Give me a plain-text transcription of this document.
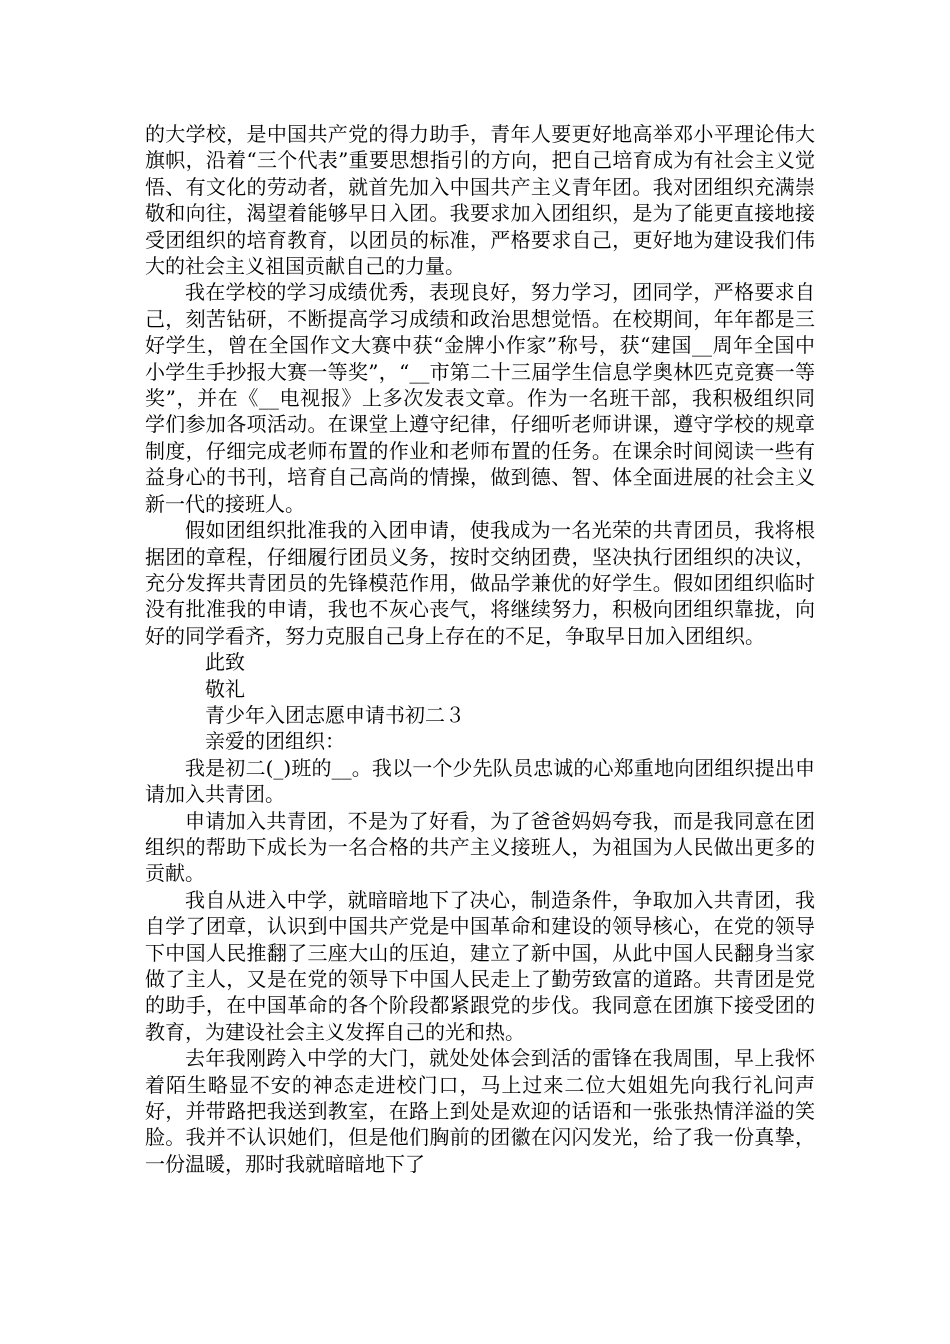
的大学校，是中国共产党的得力助手，青年人要更好地高举邓小平理论伟大旗帜，沿着“三个代表”重要思想指引的方向，把自己培育成为有社会主义觉悟、有文化的劳动者，就首先加入中国共产主义青年团。我对团组织充满崇敬和向往，渴望着能够早日入团。我要求加入团组织，是为了能更直接地接受团组织的培育教育，以团员的标准，严格要求自己，更好地为建设我们伟大的社会主义祖国贡献自己的力量。

我在学校的学习成绩优秀，表现良好，努力学习，团同学，严格要求自己，刻苦钻研，不断提高学习成绩和政治思想觉悟。在校期间，年年都是三好学生，曾在全国作文大赛中获“金牌小作家”称号，获“建国__周年全国中小学生手抄报大赛一等奖”，“__市第二十三届学生信息学奥林匹克竞赛一等奖”，并在《__电视报》上多次发表文章。作为一名班干部，我积极组织同学们参加各项活动。在课堂上遵守纪律，仔细听老师讲课，遵守学校的规章制度，仔细完成老师布置的作业和老师布置的任务。在课余时间阅读一些有益身心的书刊，培育自己高尚的情操，做到德、智、体全面进展的社会主义新一代的接班人。

假如团组织批准我的入团申请，使我成为一名光荣的共青团员，我将根据团的章程，仔细履行团员义务，按时交纳团费，坚决执行团组织的决议，充分发挥共青团员的先锋模范作用，做品学兼优的好学生。假如团组织临时没有批准我的申请，我也不灰心丧气，将继续努力，积极向团组织靠拢，向好的同学看齐，努力克服自己身上存在的不足，争取早日加入团组织。

此致

敬礼

青少年入团志愿申请书初二３

亲爱的团组织：

我是初二(_)班的__。我以一个少先队员忠诚的心郑重地向团组织提出申请加入共青团。

申请加入共青团，不是为了好看，为了爸爸妈妈夸我，而是我同意在团组织的帮助下成长为一名合格的共产主义接班人，为祖国为人民做出更多的贡献。

我自从进入中学，就暗暗地下了决心，制造条件，争取加入共青团，我自学了团章，认识到中国共产党是中国革命和建设的领导核心，在党的领导下中国人民推翻了三座大山的压迫，建立了新中国，从此中国人民翻身当家做了主人，又是在党的领导下中国人民走上了勤劳致富的道路。共青团是党的助手，在中国革命的各个阶段都紧跟党的步伐。我同意在团旗下接受团的教育，为建设社会主义发挥自己的光和热。

去年我刚跨入中学的大门，就处处体会到活的雷锋在我周围，早上我怀着陌生略显不安的神态走进校门口，马上过来二位大姐姐先向我行礼问声好，并带路把我送到教室，在路上到处是欢迎的话语和一张张热情洋溢的笑脸。我并不认识她们，但是他们胸前的团徽在闪闪发光，给了我一份真挚，一份温暖，那时我就暗暗地下了
